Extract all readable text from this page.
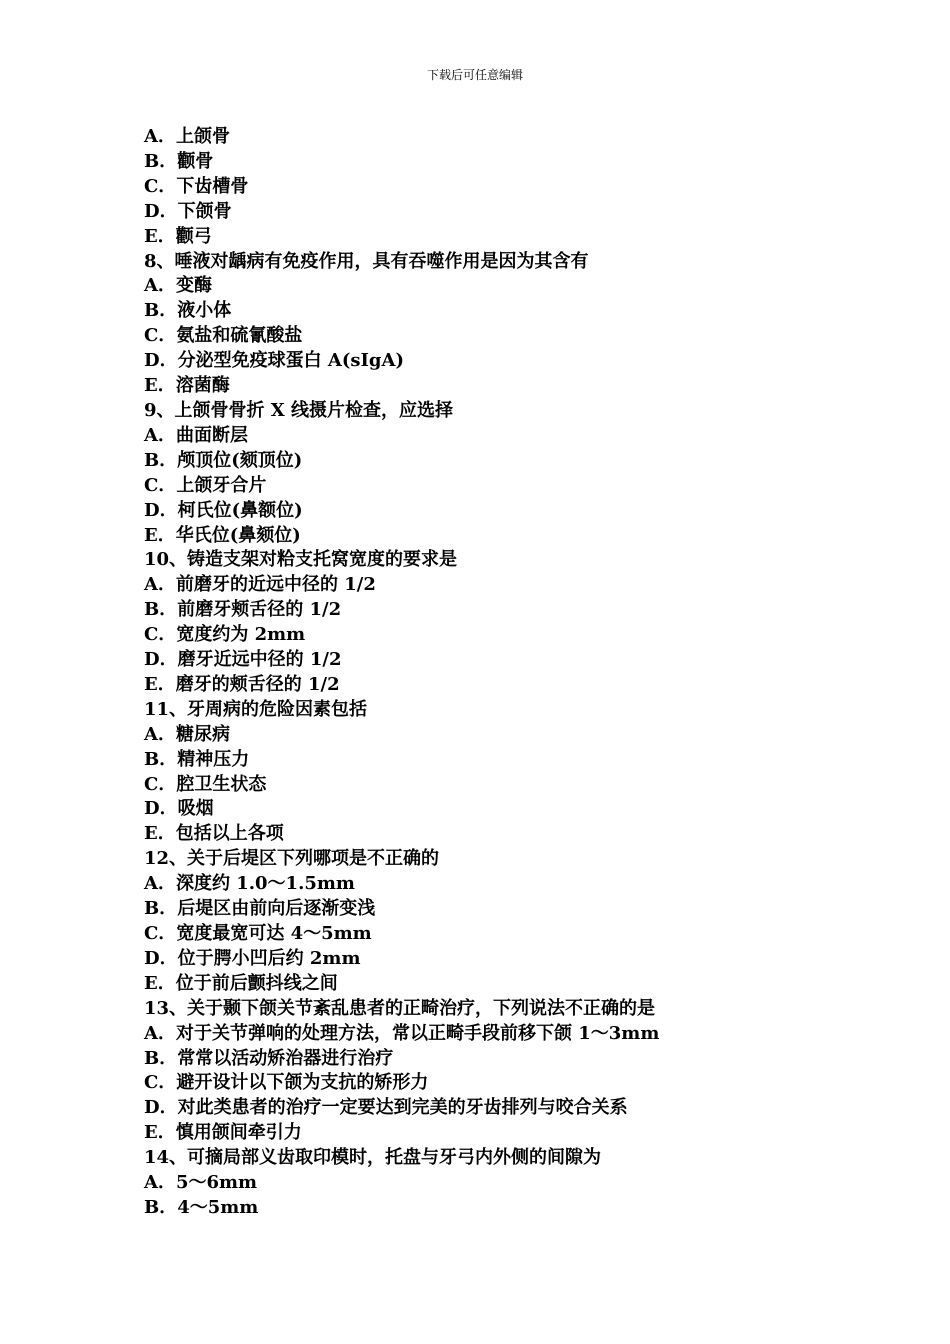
下载后可任意编辑
A．上颌骨
B．颧骨
C．下齿槽骨
D．下颌骨
E．颧弓
8、唾液对龋病有免疫作用，具有吞噬作用是因为其含有
A．变酶
B．液小体
C．氨盐和硫氰酸盐
D．分泌型免疫球蛋白 A(sIgA)
E．溶菌酶
9、上颌骨骨折 X 线摄片检查，应选择
A．曲面断层
B．颅顶位(颏顶位)
C．上颌牙合片
D．柯氏位(鼻额位)
E．华氏位(鼻颏位)
10、铸造支架对粭支托窝宽度的要求是
A．前磨牙的近远中径的 1/2
B．前磨牙颊舌径的 1/2
C．宽度约为 2mm
D．磨牙近远中径的 1/2
E．磨牙的颊舌径的 1/2
11、牙周病的危险因素包括
A．糖尿病
B．精神压力
C．腔卫生状态
D．吸烟
E．包括以上各项
12、关于后堤区下列哪项是不正确的
A．深度约 1.0～1.5mm
B．后堤区由前向后逐渐变浅
C．宽度最宽可达 4～5mm
D．位于腭小凹后约 2mm
E．位于前后颤抖线之间
13、关于颞下颌关节紊乱患者的正畸治疗，下列说法不正确的是
A．对于关节弹响的处理方法，常以正畸手段前移下颌 1～3mm
B．常常以活动矫治器进行治疗
C．避开设计以下颌为支抗的矫形力
D．对此类患者的治疗一定要达到完美的牙齿排列与咬合关系
E．慎用颌间牵引力
14、可摘局部义齿取印模时，托盘与牙弓内外侧的间隙为
A．5～6mm
B．4～5mm
